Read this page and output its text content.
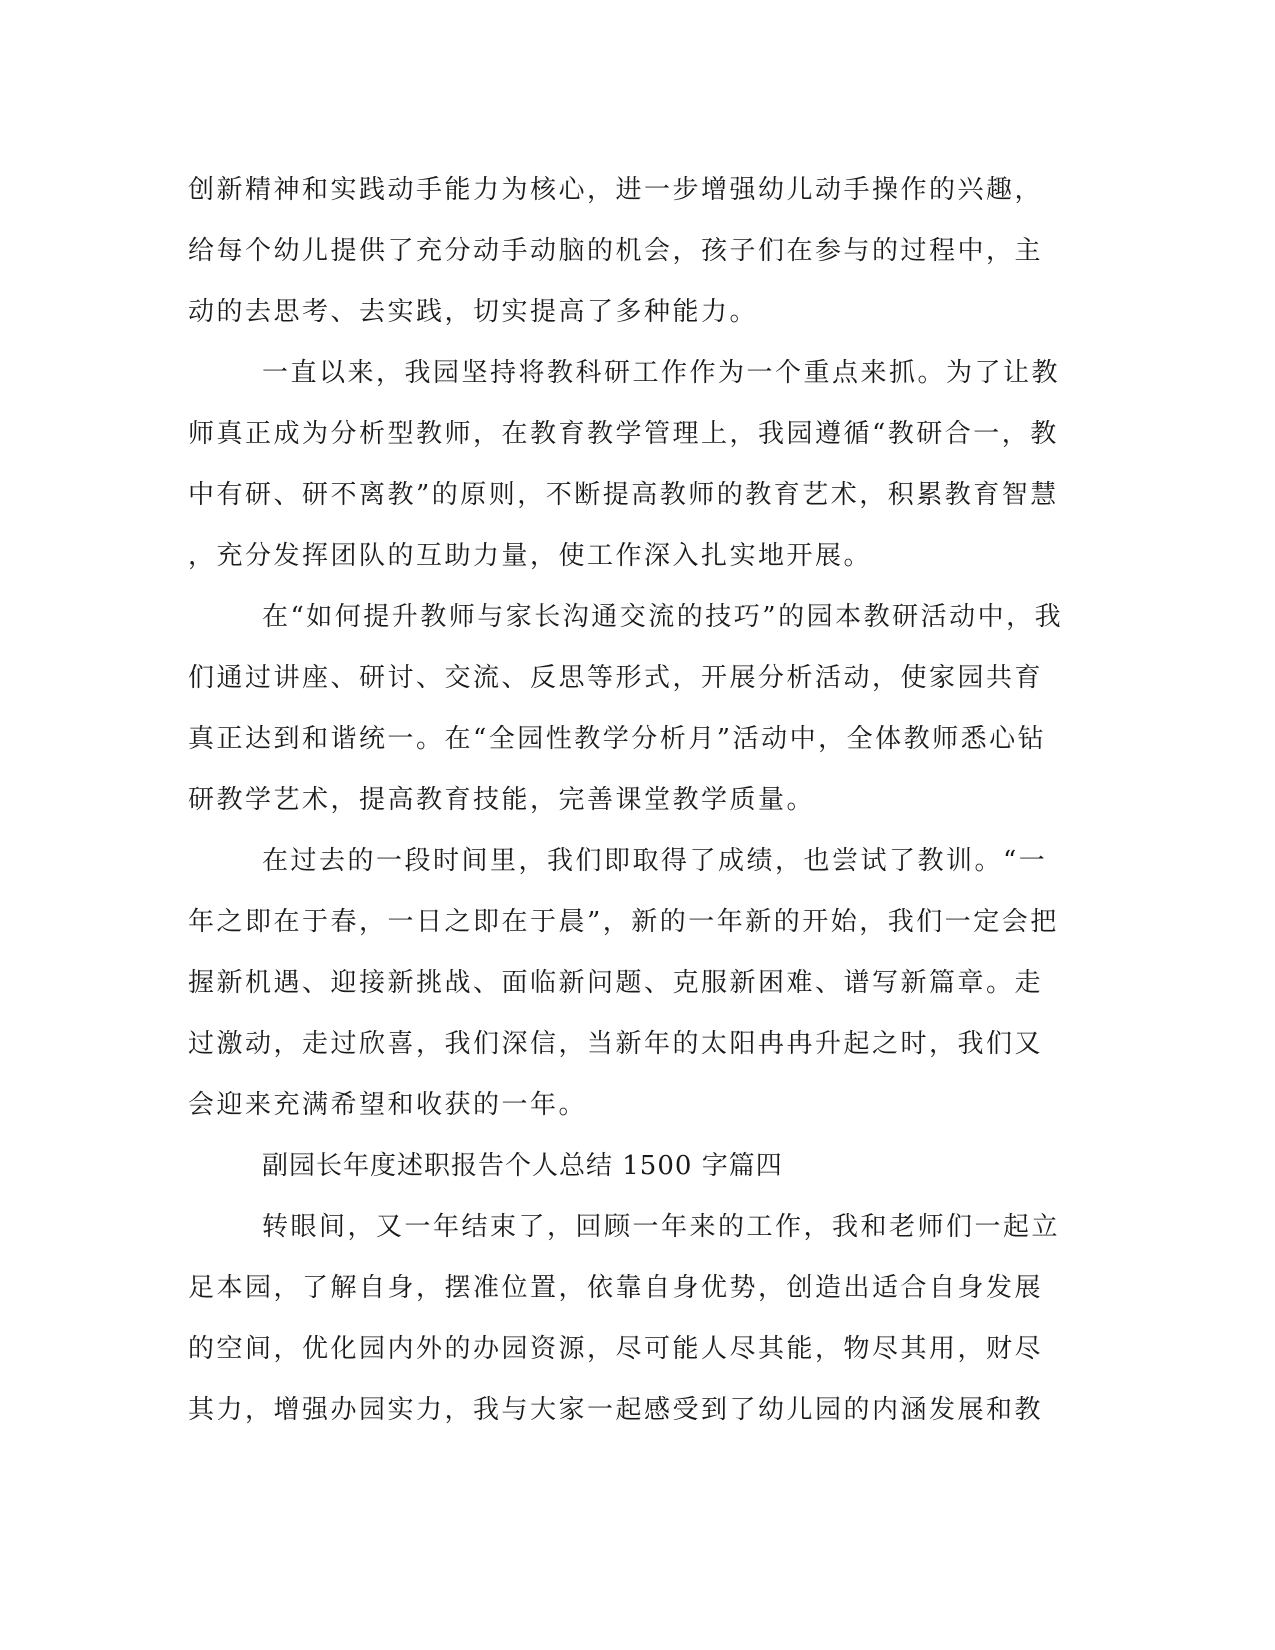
创新精神和实践动手能力为核心，进一步增强幼儿动手操作的兴趣，
给每个幼儿提供了充分动手动脑的机会，孩子们在参与的过程中，主
动的去思考、去实践，切实提高了多种能力。
一直以来，我园坚持将教科研工作作为一个重点来抓。为了让教
师真正成为分析型教师，在教育教学管理上，我园遵循“教研合一，教
中有研、研不离教”的原则，不断提高教师的教育艺术，积累教育智慧
，充分发挥团队的互助力量，使工作深入扎实地开展。
在“如何提升教师与家长沟通交流的技巧”的园本教研活动中，我
们通过讲座、研讨、交流、反思等形式，开展分析活动，使家园共育
真正达到和谐统一。在“全园性教学分析月”活动中，全体教师悉心钻
研教学艺术，提高教育技能，完善课堂教学质量。
在过去的一段时间里，我们即取得了成绩，也尝试了教训。“一
年之即在于春，一日之即在于晨”，新的一年新的开始，我们一定会把
握新机遇、迎接新挑战、面临新问题、克服新困难、谱写新篇章。走
过激动，走过欣喜，我们深信，当新年的太阳冉冉升起之时，我们又
会迎来充满希望和收获的一年。
副园长年度述职报告个人总结 1500 字篇四
转眼间，又一年结束了，回顾一年来的工作，我和老师们一起立
足本园，了解自身，摆准位置，依靠自身优势，创造出适合自身发展
的空间，优化园内外的办园资源，尽可能人尽其能，物尽其用，财尽
其力，增强办园实力，我与大家一起感受到了幼儿园的内涵发展和教
